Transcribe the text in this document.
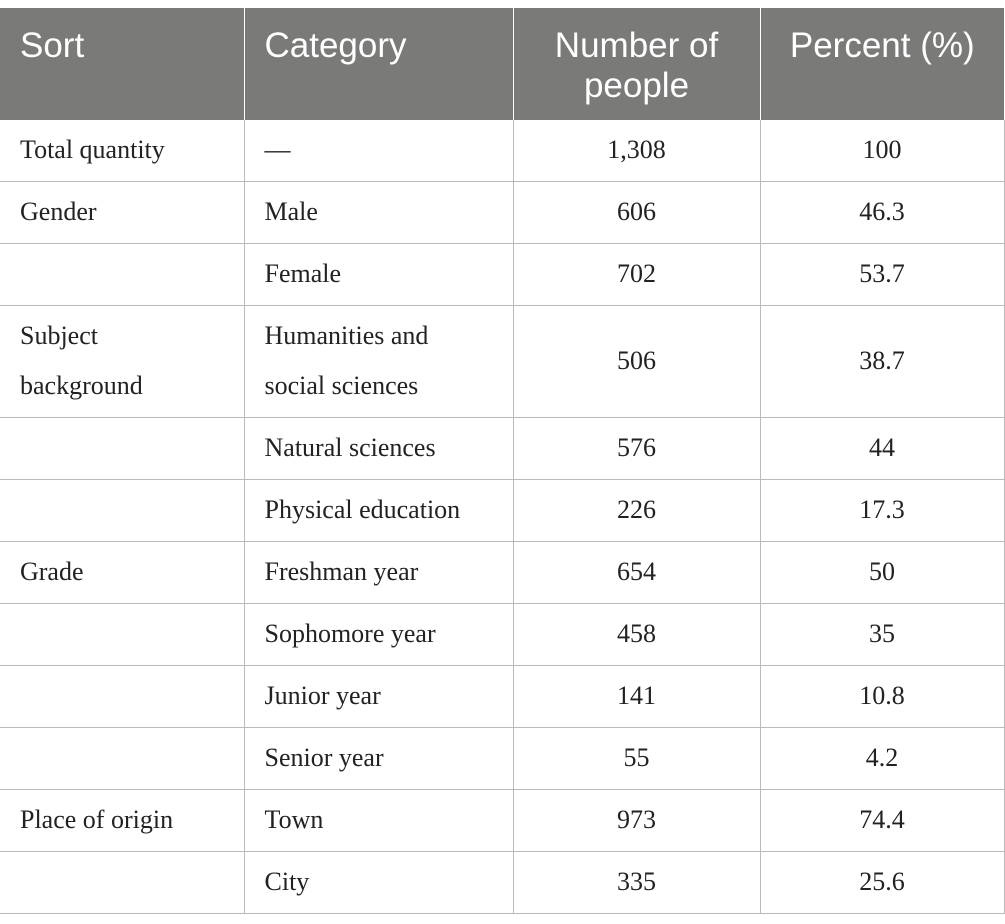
Sort	Category	Number of people	Percent (%)
Total quantity	—	1,308	100
Gender	Male	606	46.3
	Female	702	53.7
Subject background	Humanities and social sciences	506	38.7
	Natural sciences	576	44
	Physical education	226	17.3
Grade	Freshman year	654	50
	Sophomore year	458	35
	Junior year	141	10.8
	Senior year	55	4.2
Place of origin	Town	973	74.4
	City	335	25.6
